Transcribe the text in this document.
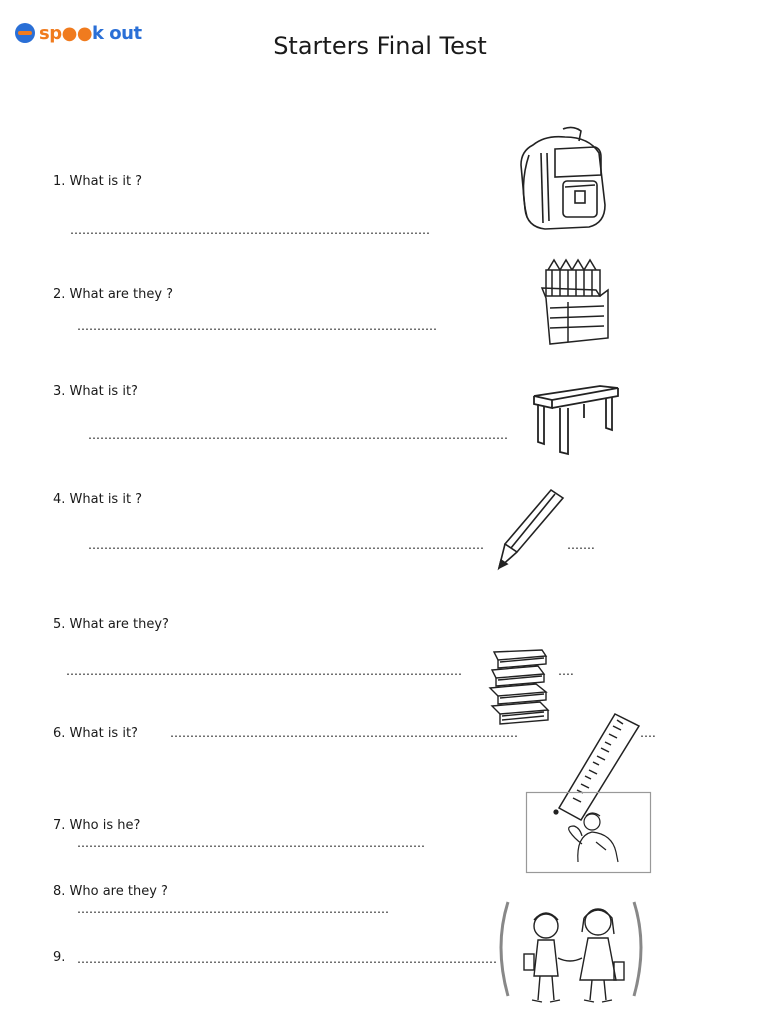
sp●●k out	Starters Final Test
1. What is it ?
………………………………………………………………………………
2. What are they ?
………………………………………………………………………………
3. What is it?
……………………………………………………………………………………………
4. What is it ?
………………………………………………………………………………………	…….
5. What are they?
………………………………………………………………………………………	….
6. What is it?	……………………………………………………………………………	….
7. Who is he?
……………………………………………………………………………
8. Who are they ?
……………………………………………………………………
9. ……………………………………………………………………………………………
